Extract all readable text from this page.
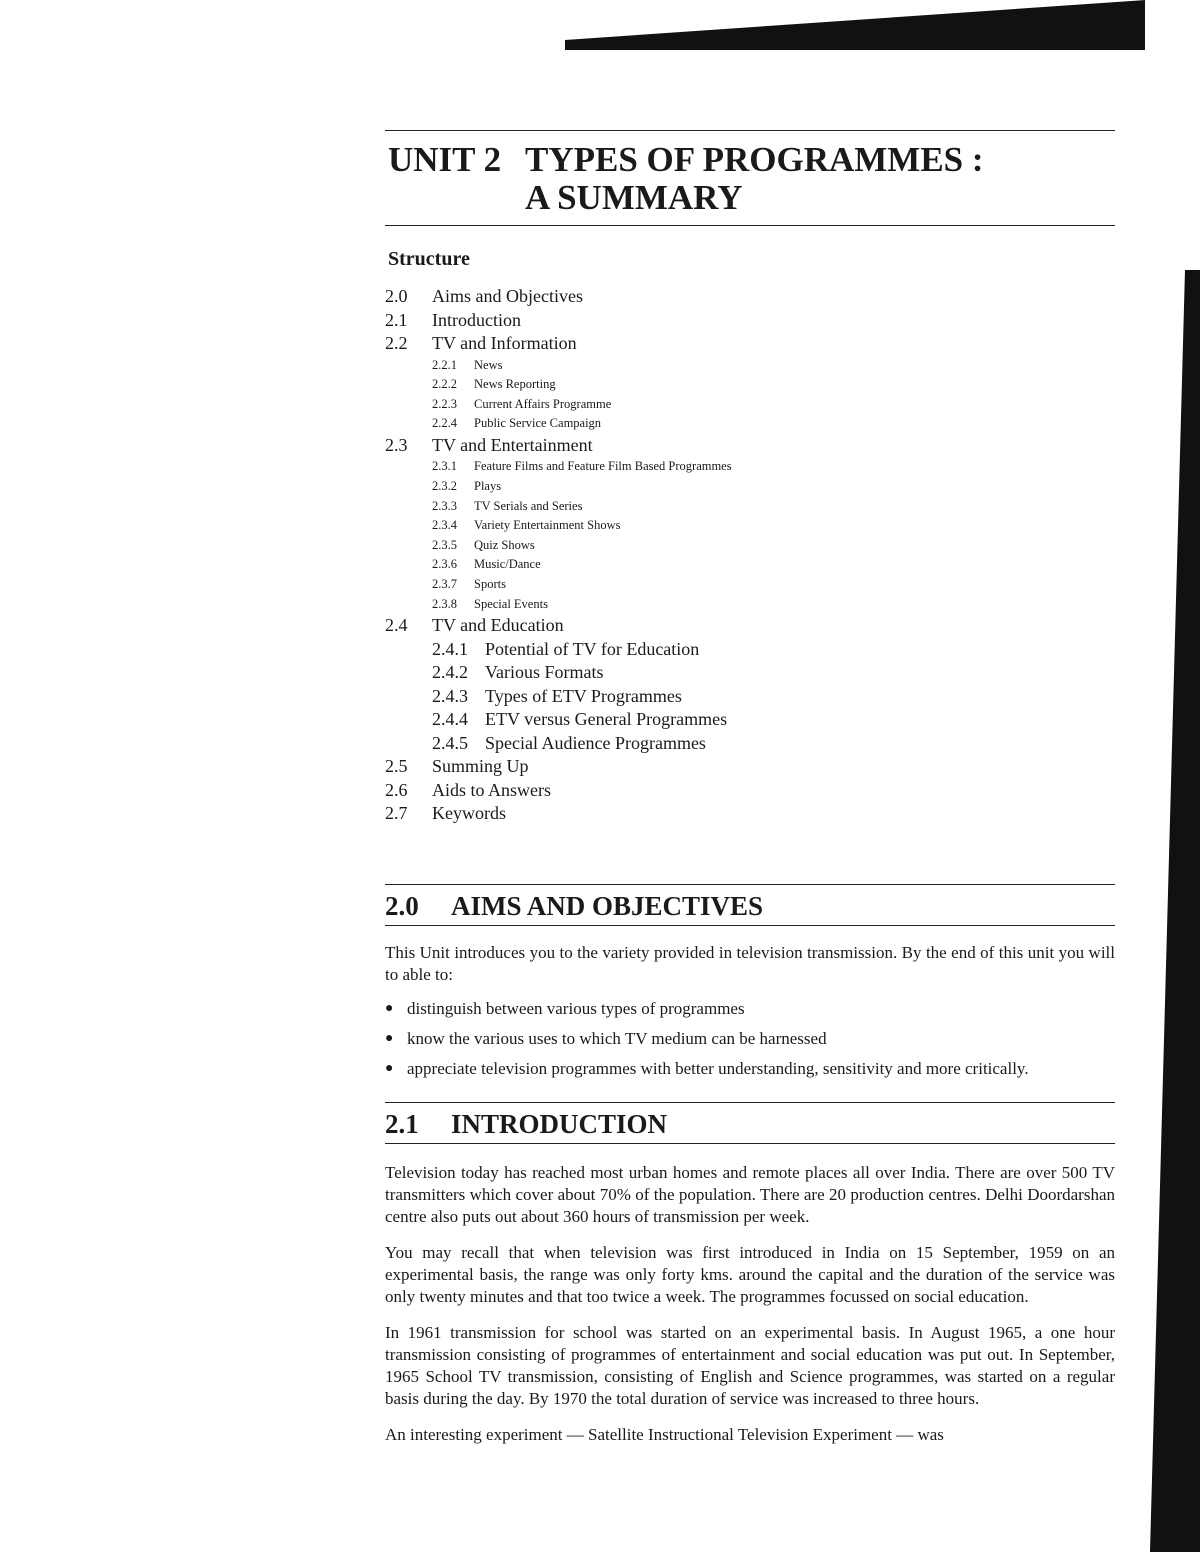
UNIT 2 TYPES OF PROGRAMMES :
A SUMMARY
Structure
2.0	Aims and Objectives
2.1	Introduction
2.2	TV and Information
2.2.1	News
2.2.2	News Reporting
2.2.3	Current Affairs Programme
2.2.4	Public Service Campaign
2.3	TV and Entertainment
2.3.1	Feature Films and Feature Film Based Programmes
2.3.2	Plays
2.3.3	TV Serials and Series
2.3.4	Variety Entertainment Shows
2.3.5	Quiz Shows
2.3.6	Music/Dance
2.3.7	Sports
2.3.8	Special Events
2.4	TV and Education
2.4.1 Potential of TV for Education
2.4.2 Various Formats
2.4.3 Types of ETV Programmes
2.4.4 ETV versus General Programmes
2.4.5 Special Audience Programmes
2.5	Summing Up
2.6	Aids to Answers
2.7	Keywords
2.0	AIMS AND OBJECTIVES

This Unit introduces you to the variety provided in television transmission. By the end of this unit you will to able to:

● distinguish between various types of programmes
● know the various uses to which TV medium can be harnessed
● appreciate television programmes with better understanding, sensitivity and more critically.
2.1	INTRODUCTION

Television today has reached most urban homes and remote places all over India. There are over 500 TV transmitters which cover about 70% of the population. There are 20 production centres. Delhi Doordarshan centre also puts out about 360 hours of transmission per week.

You may recall that when television was first introduced in India on 15 September, 1959 on an experimental basis, the range was only forty kms. around the capital and the duration of the service was only twenty minutes and that too twice a week. The programmes focussed on social education.

In 1961 transmission for school was started on an experimental basis. In August 1965, a one hour transmission consisting of programmes of entertainment and social education was put out. In September, 1965 School TV transmission, consisting of English and Science programmes, was started on a regular basis during the day. By 1970 the total duration of service was increased to three hours.

An interesting experiment — Satellite Instructional Television Experiment — was
